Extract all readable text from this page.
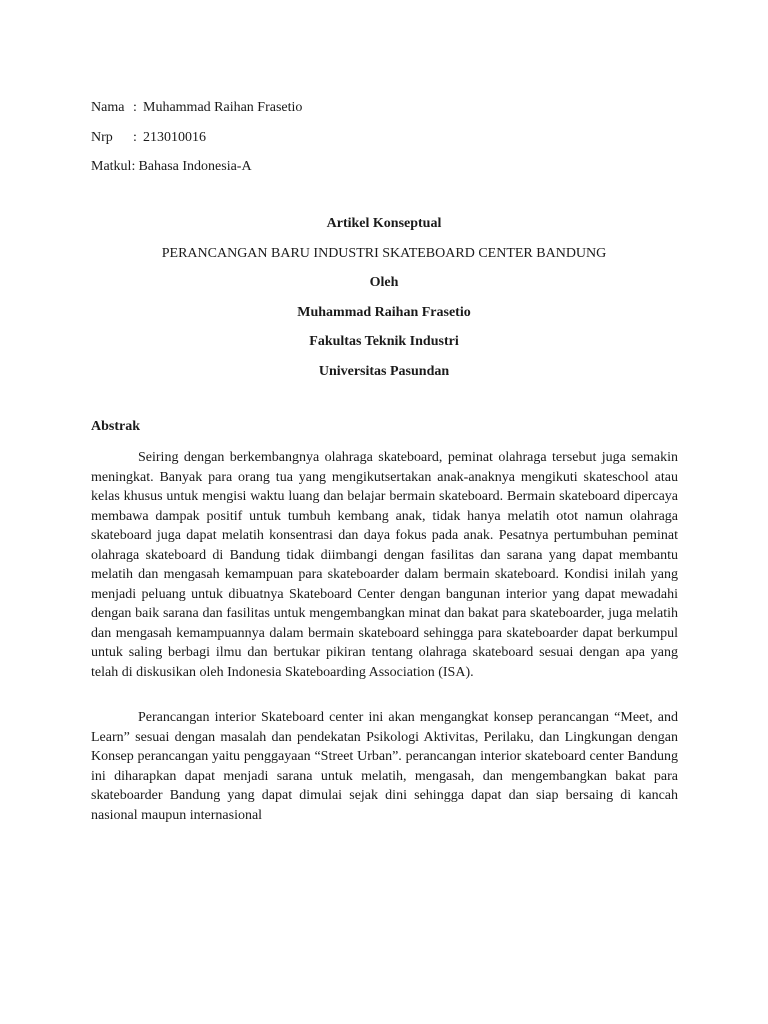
Nama : Muhammad Raihan Frasetio
Nrp	: 213010016
Matkul : Bahasa Indonesia-A
Artikel Konseptual
PERANCANGAN BARU INDUSTRI SKATEBOARD CENTER BANDUNG
Oleh
Muhammad Raihan Frasetio
Fakultas Teknik Industri
Universitas Pasundan
Abstrak

Seiring dengan berkembangnya olahraga skateboard, peminat olahraga tersebut juga semakin meningkat. Banyak para orang tua yang mengikutsertakan anak-anaknya mengikuti skateschool atau kelas khusus untuk mengisi waktu luang dan belajar bermain skateboard. Bermain skateboard dipercaya membawa dampak positif untuk tumbuh kembang anak, tidak hanya melatih otot namun olahraga skateboard juga dapat melatih konsentrasi dan daya fokus pada anak. Pesatnya pertumbuhan peminat olahraga skateboard di Bandung tidak diimbangi dengan fasilitas dan sarana yang dapat membantu melatih dan mengasah kemampuan para skateboarder dalam bermain skateboard. Kondisi inilah yang menjadi peluang untuk dibuatnya Skateboard Center dengan bangunan interior yang dapat mewadahi dengan baik sarana dan fasilitas untuk mengembangkan minat dan bakat para skateboarder, juga melatih dan mengasah kemampuannya dalam bermain skateboard sehingga para skateboarder dapat berkumpul untuk saling berbagi ilmu dan bertukar pikiran tentang olahraga skateboard sesuai dengan apa yang telah di diskusikan oleh Indonesia Skateboarding Association (ISA).

Perancangan interior Skateboard center ini akan mengangkat konsep perancangan “Meet, and Learn” sesuai dengan masalah dan pendekatan Psikologi Aktivitas, Perilaku, dan Lingkungan dengan Konsep perancangan yaitu penggayaan “Street Urban”. perancangan interior skateboard center Bandung ini diharapkan dapat menjadi sarana untuk melatih, mengasah, dan mengembangkan bakat para skateboarder Bandung yang dapat dimulai sejak dini sehingga dapat dan siap bersaing di kancah nasional maupun internasional
